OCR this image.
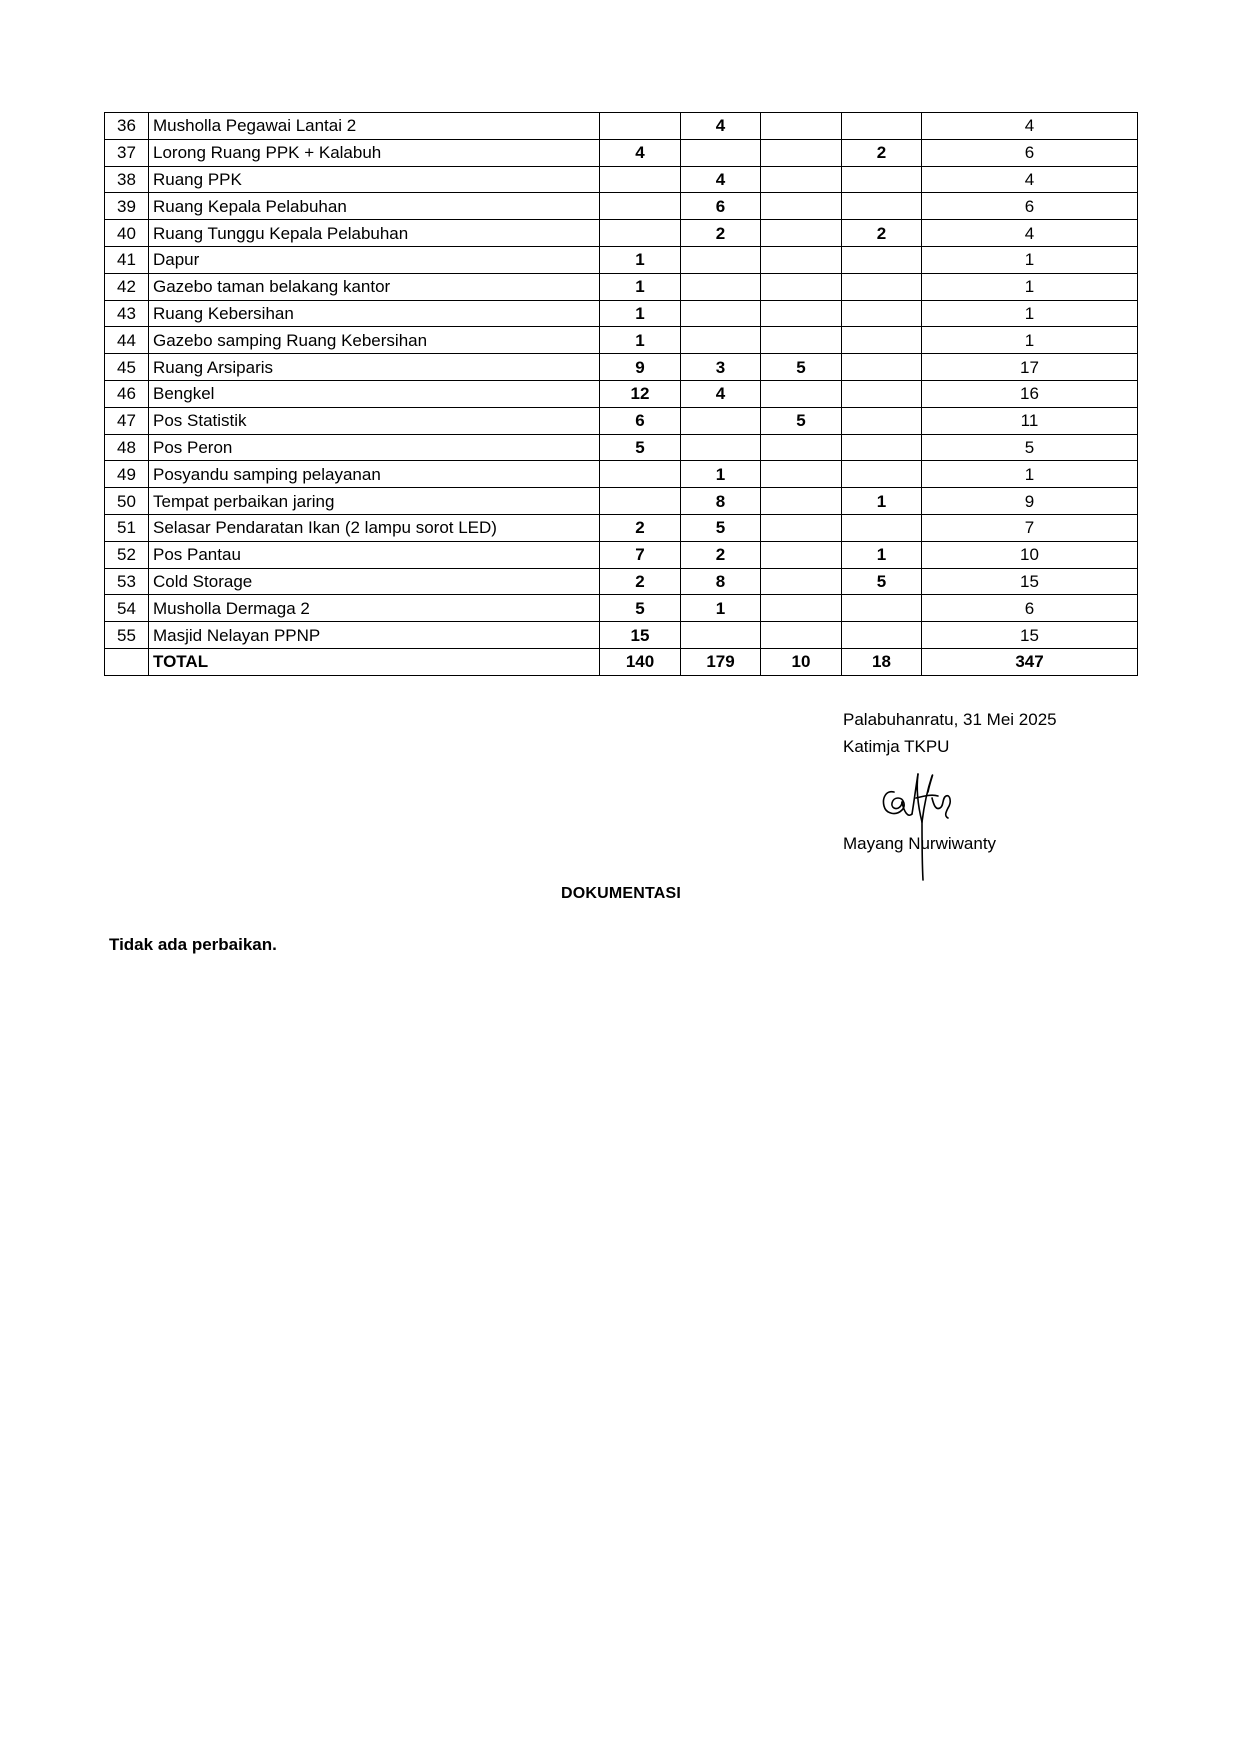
36	Musholla Pegawai Lantai 2		4			4
37	Lorong Ruang PPK + Kalabuh	4			2	6
38	Ruang PPK		4			4
39	Ruang Kepala Pelabuhan		6			6
40	Ruang Tunggu Kepala Pelabuhan		2		2	4
41	Dapur	1				1
42	Gazebo taman belakang kantor	1				1
43	Ruang Kebersihan	1				1
44	Gazebo samping Ruang Kebersihan	1				1
45	Ruang Arsiparis	9	3	5		17
46	Bengkel	12	4			16
47	Pos Statistik	6		5		11
48	Pos Peron	5				5
49	Posyandu samping pelayanan		1			1
50	Tempat perbaikan jaring		8		1	9
51	Selasar Pendaratan Ikan (2 lampu sorot LED)	2	5			7
52	Pos Pantau	7	2		1	10
53	Cold Storage	2	8		5	15
54	Musholla Dermaga 2	5	1			6
55	Masjid Nelayan PPNP	15				15
	TOTAL	140	179	10	18	347
Palabuhanratu, 31 Mei 2025
Katimja TKPU
Mayang Nurwiwanty
DOKUMENTASI
Tidak ada perbaikan.
